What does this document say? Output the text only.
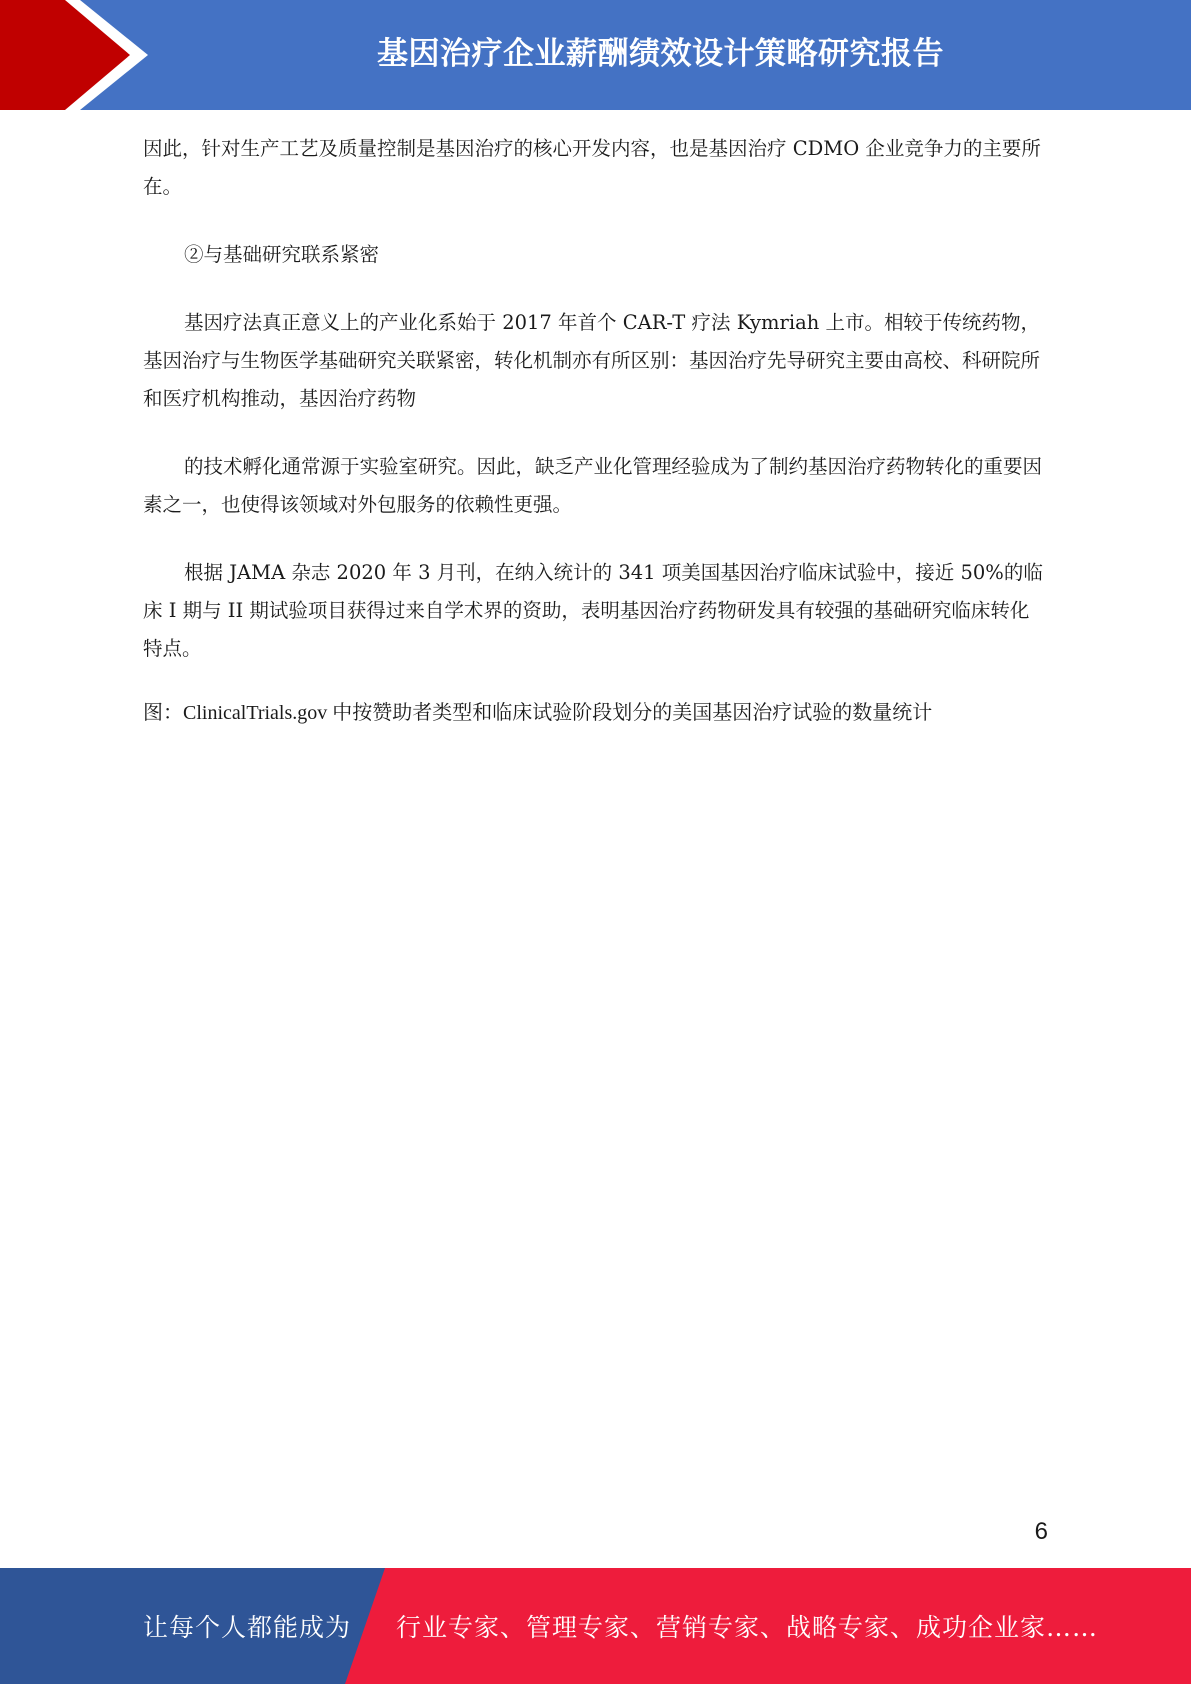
基因治疗企业薪酬绩效设计策略研究报告

因此，针对生产工艺及质量控制是基因治疗的核心开发内容，也是基因治疗 CDMO 企业竞争力的主要所在。

②与基础研究联系紧密

基因疗法真正意义上的产业化系始于 2017 年首个 CAR-T 疗法 Kymriah 上市。相较于传统药物，基因治疗与生物医学基础研究关联紧密，转化机制亦有所区别：基因治疗先导研究主要由高校、科研院所和医疗机构推动，基因治疗药物

的技术孵化通常源于实验室研究。因此，缺乏产业化管理经验成为了制约基因治疗药物转化的重要因素之一，也使得该领域对外包服务的依赖性更强。

根据 JAMA 杂志 2020 年 3 月刊，在纳入统计的 341 项美国基因治疗临床试验中，接近 50%的临床 I 期与 II 期试验项目获得过来自学术界的资助，表明基因治疗药物研发具有较强的基础研究临床转化特点。

图：ClinicalTrials.gov 中按赞助者类型和临床试验阶段划分的美国基因治疗试验的数量统计

6
让每个人都能成为 行业专家、管理专家、营销专家、战略专家、成功企业家……
